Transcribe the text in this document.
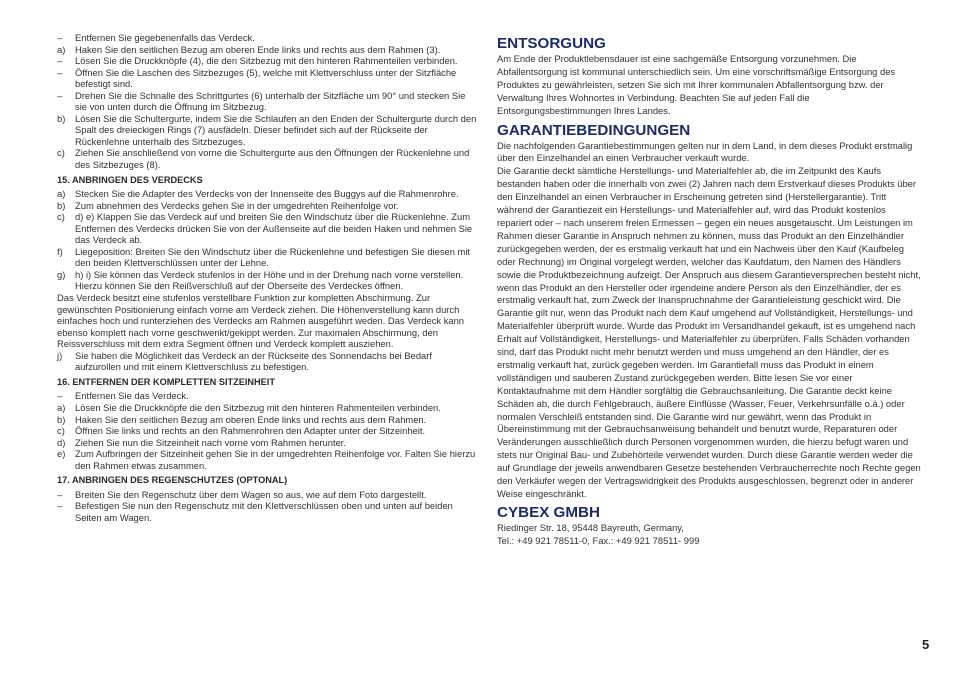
–	Entfernen Sie gegebenenfalls das Verdeck.
a)	Haken Sie den seitlichen Bezug am oberen Ende links und rechts aus dem Rahmen (3).
–	Lösen Sie die Druckknöpfe (4), die den Sitzbezug mit den hinteren Rahmenteilen verbinden.
–	Öffnen Sie die Laschen des Sitzbezuges (5), welche mit Klettverschluss unter der Sitzfläche befestigt sind.
–	Drehen Sie die Schnalle des Schrittgurtes (6) unterhalb der Sitzfläche um 90° und stecken Sie sie von unten durch die Öffnung im Sitzbezug.
b)	Lösen Sie die Schultergurte, indem Sie die Schlaufen an den Enden der Schultergurte durch den Spalt des dreieckigen Rings (7) ausfädeln. Dieser befindet sich auf der Rückseite der Rückenlehne unterhalb des Sitzbezuges.
c)	Ziehen Sie anschließend von vorne die Schultergurte aus den Öffnungen der Rückenlehne und des Sitzbezuges (8).
15. ANBRINGEN DES VERDECKS
a)	Stecken Sie die Adapter des Verdecks von der Innenseite des Buggys auf die Rahmenrohre.
b)	Zum abnehmen des Verdecks gehen Sie in der umgedrehten Reihenfolge vor.
c)	d) e) Klappen Sie das Verdeck auf und breiten Sie den Windschutz über die Rückenlehne. Zum Entfernen des Verdecks drücken Sie von der Außenseite auf die beiden Haken und nehmen Sie das Verdeck ab.
f)	Liegeposition: Breiten Sie den Windschutz über die Rückenlehne und befestigen Sie diesen mit den beiden Klettverschlüssen unter der Lehne.
g)	h) i) Sie können das Verdeck stufenlos in der Höhe und in der Drehung nach vorne verstellen. Hierzu können Sie den Reißverschluß auf der Oberseite des Verdeckes öffnen.

Das Verdeck besitzt eine stufenlos verstellbare Funktion zur kompletten Abschirmung. Zur gewünschten Positionierung einfach vorne am Verdeck ziehen. Die Höhenverstellung kann durch einfaches hoch und runterziehen des Verdecks am Rahmen ausgeführt weden. Das Verdeck kann ebenso komplett nach vorne geschwenkt/gekippt werden. Zur maximalen Abschirmung, den Reissverschluss mit dem extra Segment öffnen und Verdeck komplett ausziehen.

j)	Sie haben die Möglichkeit das Verdeck an der Rückseite des Sonnendachs bei Bedarf aufzurollen und mit einem Klettverschluss zu befestigen.
16. ENTFERNEN DER KOMPLETTEN SITZEINHEIT
–	Entfernen Sie das Verdeck.
a)	Lösen Sie die Druckknöpfe die den Sitzbezug mit den hinteren Rahmenteilen verbinden.
b)	Haken Sie den seitlichen Bezug am oberen Ende links und rechts aus dem Rahmen.
c)	Öffnen Sie links und rechts an den Rahmenrohren den Adapter unter der Sitzeinheit.
d)	Ziehen Sie nun die Sitzeinheit nach vorne vom Rahmen herunter.
e)	Zum Aufbringen der Sitzeinheit gehen Sie in der umgedrehten Reihenfolge vor. Falten Sie hierzu den Rahmen etwas zusammen.
17. ANBRINGEN DES REGENSCHUTZES (OPTONAL)
–	Breiten Sie den Regenschutz über dem Wagen so aus, wie auf dem Foto dargestellt.
–	Befestigen Sie nun den Regenschutz mit den Klettverschlüssen oben und unten auf beiden Seiten am Wagen.
ENTSORGUNG

Am Ende der Produktlebensdauer ist eine sachgemäße Entsorgung vorzunehmen. Die Abfallentsorgung ist kommunal unterschiedlich sein. Um eine vorschriftsmäßige Entsorgung des Produktes zu gewährleisten, setzen Sie sich mit Ihrer kommunalen Abfallentsorgung bzw. der Verwaltung Ihres Wohnortes in Verbindung. Beachten Sie auf jeden Fall die Entsorgungsbestimmungen Ihres Landes.

GARANTIEBEDINGUNGEN

Die nachfolgenden Garantiebestimmungen gelten nur in dem Land, in dem dieses Produkt erstmalig über den Einzelhandel an einen Verbraucher verkauft wurde.

Die Garantie deckt sämtliche Herstellungs- und Materialfehler ab, die im Zeitpunkt des Kaufs bestanden haben oder die innerhalb von zwei (2) Jahren nach dem Erstverkauf dieses Produkts über den Einzelhandel an einen Verbraucher in Erscheinung getreten sind (Herstellergarantie). Tritt während der Garantiezeit ein Herstellungs- und Materialfehler auf, wird das Produkt kostenlos repariert oder – nach unserem freien Ermessen – gegen ein neues ausgetauscht. Um Leistungen im Rahmen dieser Garantie in Anspruch nehmen zu können, muss das Produkt an den Einzelhändler zurückgegeben werden, der es erstmalig verkauft hat und ein Nachweis über den Kauf (Kaufbeleg oder Rechnung) im Original vorgelegt werden, welcher das Kaufdatum, den Namen des Händlers sowie die Produktbezeichnung aufzeigt. Der Anspruch aus diesem Garantieversprechen besteht nicht, wenn das Produkt an den Hersteller oder irgendeine andere Person als den Einzelhändler, der es erstmalig verkauft hat, zum Zweck der Inanspruchnahme der Garantieleistung geschickt wird. Die Garantie gilt nur, wenn das Produkt nach dem Kauf umgehend auf Vollständigkeit, Herstellungs- und Materialfehler überprüft wurde. Wurde das Produkt im Versandhandel gekauft, ist es umgehend nach Erhalt auf Vollständigkeit, Herstellungs- und Materialfehler zu überprüfen. Falls Schäden vorhanden sind, darf das Produkt nicht mehr benutzt werden und muss umgehend an den Händler, der es erstmalig verkauft hat, zurück gegeben werden. Im Garantiefall muss das Produkt in einem vollständigen und sauberen Zustand zurückgegeben werden. Bitte lesen Sie vor einer Kontaktaufnahme mit dem Händler sorgfältig die Gebrauchsanleitung. Die Garantie deckt keine Schäden ab, die durch Fehlgebrauch, äußere Einflüsse (Wasser, Feuer, Verkehrsunfälle o.ä.) oder normalen Verschleiß entstanden sind. Die Garantie wird nur gewährt, wenn das Produkt in Übereinstimmung mit der Gebrauchsanweisung behandelt und benutzt wurde, Reparaturen oder Veränderungen ausschließlich durch Personen vorgenommen wurden, die hierzu befugt waren und stets nur Original Bau- und Zubehörteile verwendet wurden. Durch diese Garantie werden weder die auf Grundlage der jeweils anwendbaren Gesetze bestehenden Verbraucherrechte noch Rechte gegen den Verkäufer wegen der Vertragswidrigkeit des Produkts ausgeschlossen, begrenzt oder in anderer Weise eingeschränkt.

CYBEX GMBH
Riedinger Str. 18, 95448 Bayreuth, Germany,
Tel.: +49 921 78511-0, Fax.: +49 921 78511- 999
5
